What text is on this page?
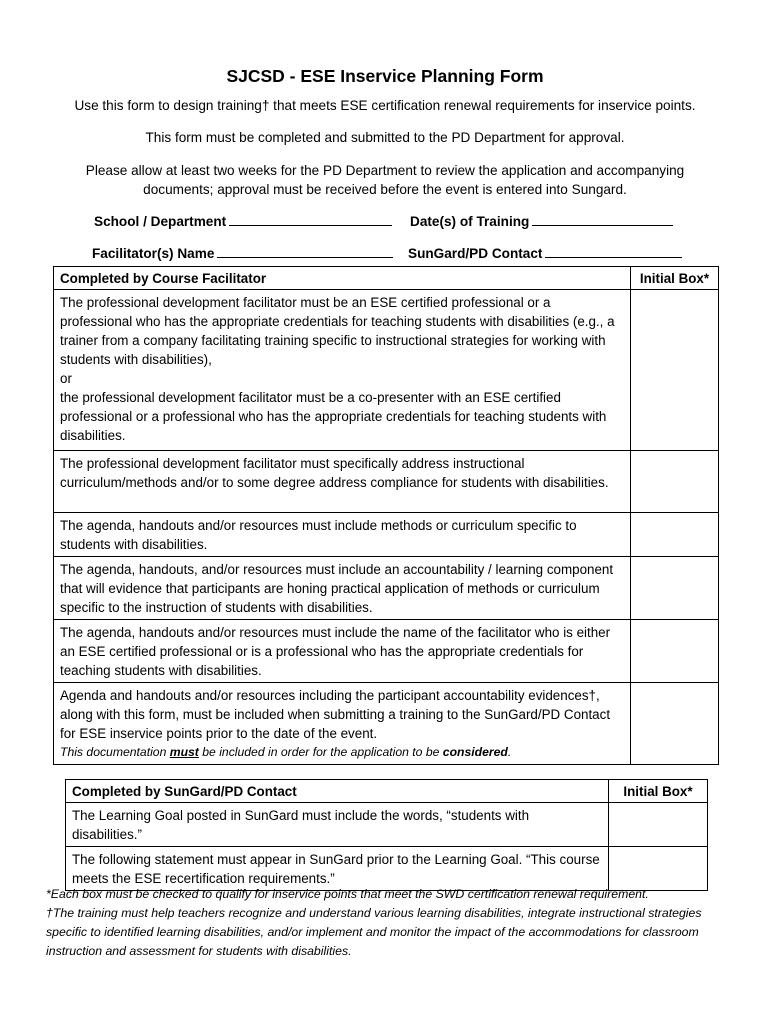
SJCSD - ESE Inservice Planning Form
Use this form to design training† that meets ESE certification renewal requirements for inservice points.
This form must be completed and submitted to the PD Department for approval.
Please allow at least two weeks for the PD Department to review the application and accompanying documents; approval must be received before the event is entered into Sungard.
School / Department	Date(s) of Training
Facilitator(s) Name	SunGard/PD Contact
Completed by Course Facilitator	Initial Box*

The professional development facilitator must be an ESE certified professional or a professional who has the appropriate credentials for teaching students with disabilities (e.g., a trainer from a company facilitating training specific to instructional strategies for working with students with disabilities),
or
the professional development facilitator must be a co-presenter with an ESE certified professional or a professional who has the appropriate credentials for teaching students with disabilities.	

The professional development facilitator must specifically address instructional curriculum/methods and/or to some degree address compliance for students with disabilities.	
The agenda, handouts and/or resources must include methods or curriculum specific to students with disabilities.	
The agenda, handouts, and/or resources must include an accountability / learning component that will evidence that participants are honing practical application of methods or curriculum specific to the instruction of students with disabilities.	
The agenda, handouts and/or resources must include the name of the facilitator who is either an ESE certified professional or is a professional who has the appropriate credentials for teaching students with disabilities.	

Agenda and handouts and/or resources including the participant accountability evidences†, along with this form, must be included when submitting a training to the SunGard/PD Contact for ESE inservice points prior to the date of the event.
This documentation must be included in order for the application to be considered.	

Completed by SunGard/PD Contact	Initial Box*
The Learning Goal posted in SunGard must include the words, “students with disabilities.”	
The following statement must appear in SunGard prior to the Learning Goal. “This course meets the ESE recertification requirements.”	
*Each box must be checked to qualify for inservice points that meet the SWD certification renewal requirement.
†The training must help teachers recognize and understand various learning disabilities, integrate instructional strategies specific to identified learning disabilities, and/or implement and monitor the impact of the accommodations for classroom instruction and assessment for students with disabilities.
